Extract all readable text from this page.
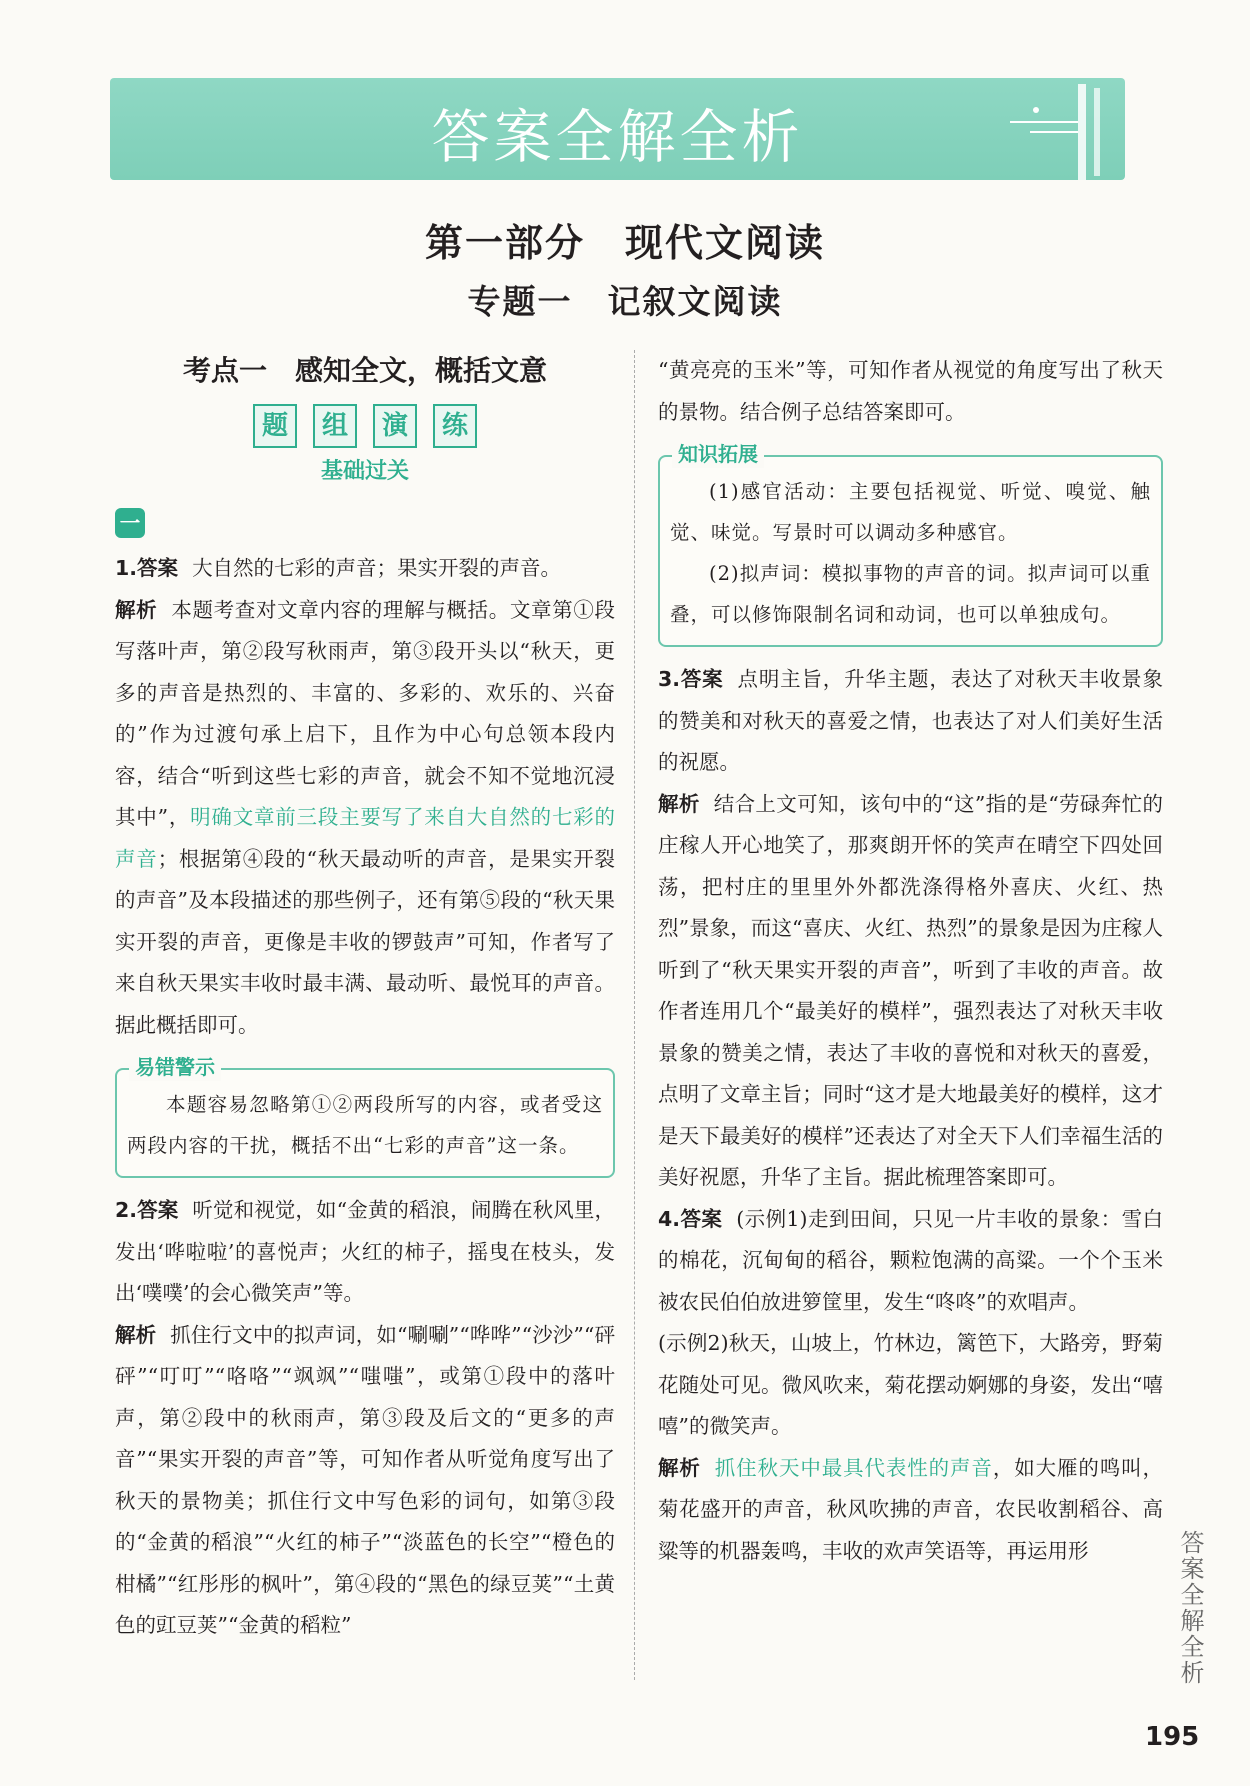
答案全解全析
第一部分　现代文阅读
专题一　记叙文阅读
考点一　感知全文，概括文意
题	组	演	练
基础过关
一

1.答案 大自然的七彩的声音；果实开裂的声音。

解析 本题考查对文章内容的理解与概括。文章第①段写落叶声，第②段写秋雨声，第③段开头以“秋天，更多的声音是热烈的、丰富的、多彩的、欢乐的、兴奋的”作为过渡句承上启下，且作为中心句总领本段内容，结合“听到这些七彩的声音，就会不知不觉地沉浸其中”，明确文章前三段主要写了来自大自然的七彩的声音；根据第④段的“秋天最动听的声音，是果实开裂的声音”及本段描述的那些例子，还有第⑤段的“秋天果实开裂的声音，更像是丰收的锣鼓声”可知，作者写了来自秋天果实丰收时最丰满、最动听、最悦耳的声音。据此概括即可。

易错警示

本题容易忽略第①②两段所写的内容，或者受这两段内容的干扰，概括不出“七彩的声音”这一条。

2.答案 听觉和视觉，如“金黄的稻浪，闹腾在秋风里，发出‘哗啦啦’的喜悦声；火红的柿子，摇曳在枝头，发出‘噗噗’的会心微笑声”等。

解析 抓住行文中的拟声词，如“唰唰”“哗哗”“沙沙”“砰砰”“叮叮”“咯咯”“飒飒”“嗤嗤”，或第①段中的落叶声，第②段中的秋雨声，第③段及后文的“更多的声音”“果实开裂的声音”等，可知作者从听觉角度写出了秋天的景物美；抓住行文中写色彩的词句，如第③段的“金黄的稻浪”“火红的柿子”“淡蓝色的长空”“橙色的柑橘”“红彤彤的枫叶”，第④段的“黑色的绿豆荚”“土黄色的豇豆荚”“金黄的稻粒”

“黄亮亮的玉米”等，可知作者从视觉的角度写出了秋天的景物。结合例子总结答案即可。

知识拓展

(1)感官活动：主要包括视觉、听觉、嗅觉、触觉、味觉。写景时可以调动多种感官。

(2)拟声词：模拟事物的声音的词。拟声词可以重叠，可以修饰限制名词和动词，也可以单独成句。

3.答案 点明主旨，升华主题，表达了对秋天丰收景象的赞美和对秋天的喜爱之情，也表达了对人们美好生活的祝愿。

解析 结合上文可知，该句中的“这”指的是“劳碌奔忙的庄稼人开心地笑了，那爽朗开怀的笑声在晴空下四处回荡，把村庄的里里外外都洗涤得格外喜庆、火红、热烈”景象，而这“喜庆、火红、热烈”的景象是因为庄稼人听到了“秋天果实开裂的声音”，听到了丰收的声音。故作者连用几个“最美好的模样”，强烈表达了对秋天丰收景象的赞美之情，表达了丰收的喜悦和对秋天的喜爱，点明了文章主旨；同时“这才是大地最美好的模样，这才是天下最美好的模样”还表达了对全天下人们幸福生活的美好祝愿，升华了主旨。据此梳理答案即可。

4.答案 (示例1)走到田间，只见一片丰收的景象：雪白的棉花，沉甸甸的稻谷，颗粒饱满的高粱。一个个玉米被农民伯伯放进箩筐里，发生“咚咚”的欢唱声。

(示例2)秋天，山坡上，竹林边，篱笆下，大路旁，野菊花随处可见。微风吹来，菊花摆动婀娜的身姿，发出“嘻嘻”的微笑声。

解析 抓住秋天中最具代表性的声音，如大雁的鸣叫，菊花盛开的声音，秋风吹拂的声音，农民收割稻谷、高粱等的机器轰鸣，丰收的欢声笑语等，再运用形	答案全解全析
195
